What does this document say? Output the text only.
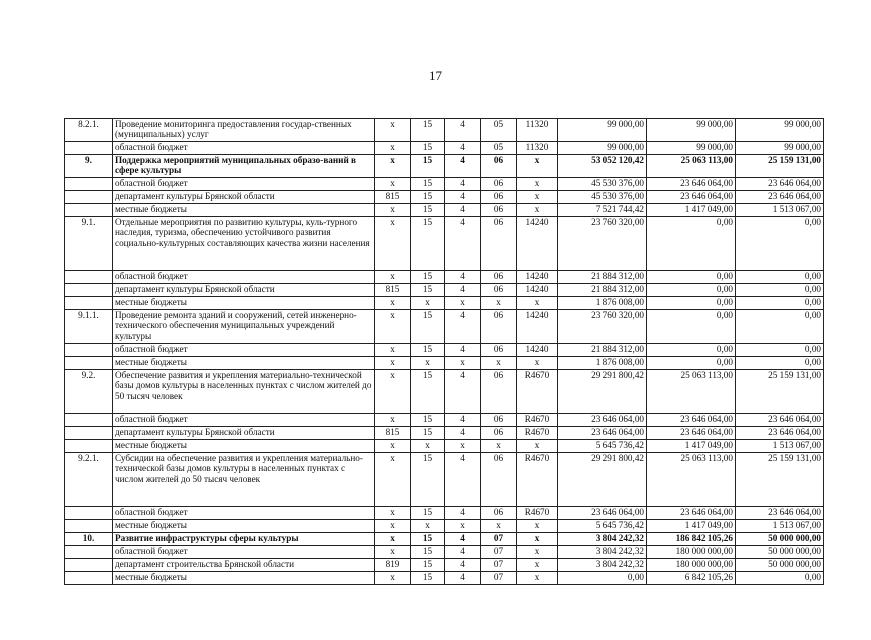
17
8.2.1.	Проведение мониторинга предоставления государ-ственных (муниципальных) услуг	x	15	4	05	11320	99 000,00	99 000,00	99 000,00
	областной бюджет	x	15	4	05	11320	99 000,00	99 000,00	99 000,00
9.	Поддержка мероприятий муниципальных образо-ваний в сфере культуры	x	15	4	06	x	53 052 120,42	25 063 113,00	25 159 131,00
	областной бюджет	x	15	4	06	x	45 530 376,00	23 646 064,00	23 646 064,00
	департамент культуры Брянской области	815	15	4	06	x	45 530 376,00	23 646 064,00	23 646 064,00
	местные бюджеты	x	15	4	06	x	7 521 744,42	1 417 049,00	1 513 067,00
9.1.	Отдельные мероприятия по развитию культуры, куль-турного наследия, туризма, обеспечению устойчивого развития социально-культурных составляющих качества жизни населения	x	15	4	06	14240	23 760 320,00	0,00	0,00
	областной бюджет	x	15	4	06	14240	21 884 312,00	0,00	0,00
	департамент культуры Брянской области	815	15	4	06	14240	21 884 312,00	0,00	0,00
	местные бюджеты	x	x	x	x	x	1 876 008,00	0,00	0,00
9.1.1.	Проведение ремонта зданий и сооружений, сетей инженерно-технического обеспечения муниципальных учреждений культуры	x	15	4	06	14240	23 760 320,00	0,00	0,00
	областной бюджет	x	15	4	06	14240	21 884 312,00	0,00	0,00
	местные бюджеты	x	x	x	x	x	1 876 008,00	0,00	0,00
9.2.	Обеспечение развития и укрепления материально-технической базы домов культуры в населенных пунктах с числом жителей до 50 тысяч человек	x	15	4	06	R4670	29 291 800,42	25 063 113,00	25 159 131,00
	областной бюджет	x	15	4	06	R4670	23 646 064,00	23 646 064,00	23 646 064,00
	департамент культуры Брянской области	815	15	4	06	R4670	23 646 064,00	23 646 064,00	23 646 064,00
	местные бюджеты	x	x	x	x	x	5 645 736,42	1 417 049,00	1 513 067,00
9.2.1.	Субсидии на обеспечение развития и укрепления материально-технической базы домов культуры в населенных пунктах с числом жителей до 50 тысяч человек	x	15	4	06	R4670	29 291 800,42	25 063 113,00	25 159 131,00
	областной бюджет	x	15	4	06	R4670	23 646 064,00	23 646 064,00	23 646 064,00
	местные бюджеты	x	x	x	x	x	5 645 736,42	1 417 049,00	1 513 067,00
10.	Развитие инфраструктуры сферы культуры	x	15	4	07	x	3 804 242,32	186 842 105,26	50 000 000,00
	областной бюджет	x	15	4	07	x	3 804 242,32	180 000 000,00	50 000 000,00
	департамент строительства Брянской области	819	15	4	07	x	3 804 242,32	180 000 000,00	50 000 000,00
	местные бюджеты	x	15	4	07	x	0,00	6 842 105,26	0,00
